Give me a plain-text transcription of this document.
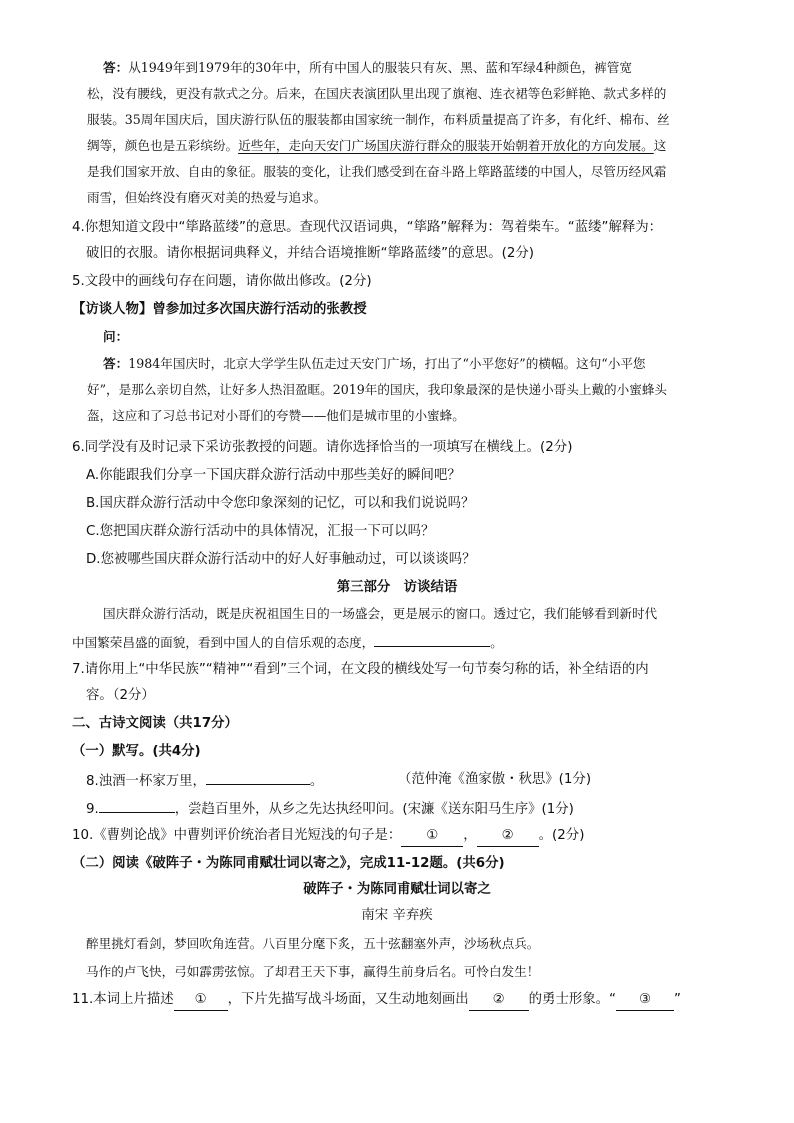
答：从1949年到1979年的30年中，所有中国人的服装只有灰、黑、蓝和军绿4种颜色，裤管宽
松，没有腰线，更没有款式之分。后来，在国庆表演团队里出现了旗袍、连衣裙等色彩鲜艳、款式多样的
服装。35周年国庆后，国庆游行队伍的服装都由国家统一制作，布料质量提高了许多，有化纤、棉布、丝
绸等，颜色也是五彩缤纷。近些年，走向天安门广场国庆游行群众的服装开始朝着开放化的方向发展。这
是我们国家开放、自由的象征。服装的变化，让我们感受到在奋斗路上筚路蓝缕的中国人，尽管历经风霜
雨雪，但始终没有磨灭对美的热爱与追求。
4.你想知道文段中“筚路蓝缕”的意思。查现代汉语词典，“筚路”解释为：驾着柴车。“蓝缕”解释为：
破旧的衣服。请你根据词典释义，并结合语境推断“筚路蓝缕”的意思。(2分)
5.文段中的画线句存在问题，请你做出修改。(2分)
【访谈人物】曾参加过多次国庆游行活动的张教授
问：
答：1984年国庆时，北京大学学生队伍走过天安门广场，打出了“小平您好”的横幅。这句“小平您
好”，是那么亲切自然，让好多人热泪盈眶。2019年的国庆，我印象最深的是快递小哥头上戴的小蜜蜂头
盔，这应和了习总书记对小哥们的夸赞——他们是城市里的小蜜蜂。
6.同学没有及时记录下采访张教授的问题。请你选择恰当的一项填写在横线上。(2分)
A.你能跟我们分享一下国庆群众游行活动中那些美好的瞬间吧？
B.国庆群众游行活动中令您印象深刻的记忆，可以和我们说说吗？
C.您把国庆群众游行活动中的具体情况，汇报一下可以吗？
D.您被哪些国庆群众游行活动中的好人好事触动过，可以谈谈吗？
第三部分　访谈结语
国庆群众游行活动，既是庆祝祖国生日的一场盛会，更是展示的窗口。透过它，我们能够看到新时代
中国繁荣昌盛的面貌，看到中国人的自信乐观的态度，	。
7.请你用上“中华民族”“精神”“看到”三个词，在文段的横线处写一句节奏匀称的话，补全结语的内
容。（2分）
二、古诗文阅读（共17分）
（一）默写。(共4分)
8.浊酒一杯家万里，	。	（范仲淹《渔家傲・秋思》(1分)
9.	，尝趋百里外，从乡之先达执经叩问。(宋濂《送东阳马生序》(1分)
10.《曹刿论战》中曹刿评价统治者目光短浅的句子是： ① ， ② 。(2分)
（二）阅读《破阵子・为陈同甫赋壮词以寄之》，完成11-12题。(共6分)
破阵子・为陈同甫赋壮词以寄之
南宋 辛弃疾
醉里挑灯看剑，梦回吹角连营。八百里分麾下炙，五十弦翻塞外声，沙场秋点兵。
马作的卢飞快，弓如霹雳弦惊。了却君王天下事，赢得生前身后名。可怜白发生！
11.本词上片描述 ① ，下片先描写战斗场面，又生动地刻画出 ② 的勇士形象。“ ③ ”
